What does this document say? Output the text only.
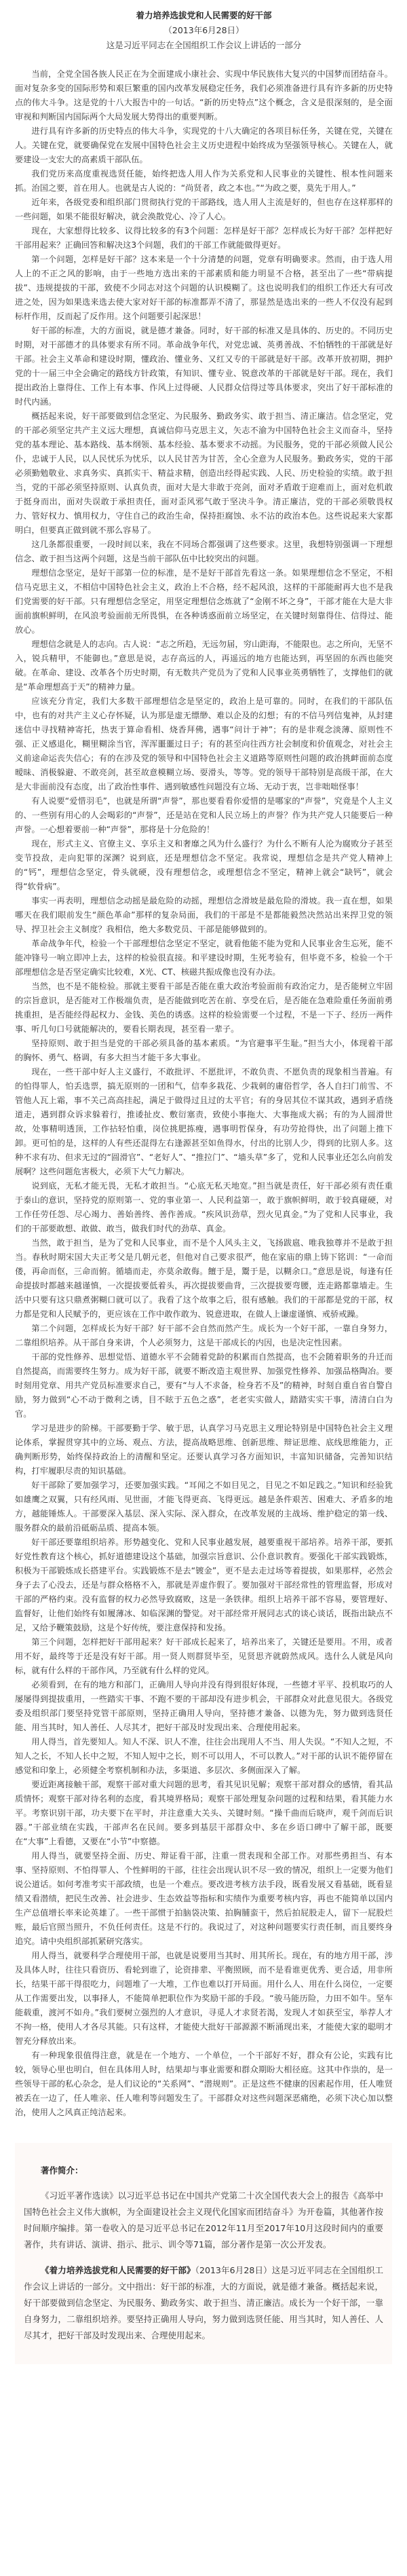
着力培养选拔党和人民需要的好干部
（2013年6月28日）
这是习近平同志在全国组织工作会议上讲话的一部分

当前，全党全国各族人民正在为全面建成小康社会、实现中华民族伟大复兴的中国梦而团结奋斗。面对复杂多变的国际形势和艰巨繁重的国内改革发展稳定任务，我们必须准备进行具有许多新的历史特点的伟大斗争。这是党的十八大报告中的一句话。“新的历史特点”这个概念，含义是很深刻的，是全面审视和判断国内国际两个大局发展大势得出的重要判断。

进行具有许多新的历史特点的伟大斗争，实现党的十八大确定的各项目标任务，关键在党，关键在人。关键在党，就要确保党在发展中国特色社会主义历史进程中始终成为坚强领导核心。关键在人，就要建设一支宏大的高素质干部队伍。

我们党历来高度重视选贤任能，始终把选人用人作为关系党和人民事业的关键性、根本性问题来抓。治国之要，首在用人。也就是古人说的：“尚贤者，政之本也。”“为政之要，莫先于用人。”

近年来，各级党委和组织部门贯彻执行党的干部路线，选人用人主流是好的，但也存在这样那样的一些问题，如果不能很好解决，就会涣散党心、冷了人心。

现在，大家想得比较多、议得比较多的有3个问题：怎样是好干部？怎样成长为好干部？怎样把好干部用起来？正确回答和解决这3个问题，我们的干部工作就能做得更好。

第一个问题，怎样是好干部？这本来是一个十分清楚的问题，党章有明确要求。然而，由于选人用人上的不正之风的影响，由于一些地方选出来的干部素质和能力明显不合格，甚至出了一些“带病提拔”、违规提拔的干部，致使不少同志对这个问题的认识模糊了。这也说明我们的组织工作还大有可改进之处，因为如果选来选去使大家对好干部的标准都弄不清了，那显然是选出来的一些人不仅没有起到标杆作用，反而起了反作用。这个问题要引起深思！

好干部的标准，大的方面说，就是德才兼备。同时，好干部的标准又是具体的、历史的。不同历史时期，对干部德才的具体要求有所不同。革命战争年代，对党忠诚、英勇善战、不怕牺牲的干部就是好干部。社会主义革命和建设时期，懂政治、懂业务、又红又专的干部就是好干部。改革开放初期，拥护党的十一届三中全会确定的路线方针政策，有知识、懂专业、锐意改革的干部就是好干部。现在，我们提出政治上靠得住、工作上有本事、作风上过得硬、人民群众信得过等具体要求，突出了好干部标准的时代内涵。

概括起来说，好干部要做到信念坚定、为民服务、勤政务实、敢于担当、清正廉洁。信念坚定，党的干部必须坚定共产主义远大理想，真诚信仰马克思主义，矢志不渝为中国特色社会主义而奋斗，坚持党的基本理论、基本路线、基本纲领、基本经验、基本要求不动摇。为民服务，党的干部必须做人民公仆，忠诚于人民，以人民忧乐为忧乐，以人民甘苦为甘苦，全心全意为人民服务。勤政务实，党的干部必须勤勉敬业、求真务实、真抓实干、精益求精，创造出经得起实践、人民、历史检验的实绩。敢于担当，党的干部必须坚持原则、认真负责，面对大是大非敢于亮剑，面对矛盾敢于迎难而上，面对危机敢于挺身而出，面对失误敢于承担责任，面对歪风邪气敢于坚决斗争。清正廉洁，党的干部必须敬畏权力、管好权力、慎用权力，守住自己的政治生命，保持拒腐蚀、永不沾的政治本色。这些说起来大家都明白，但要真正做到就不那么容易了。

这几条都很重要，一段时间以来，我在不同场合都强调了这些要求。这里，我想特别强调一下理想信念、敢于担当这两个问题，这是当前干部队伍中比较突出的问题。

理想信念坚定，是好干部第一位的标准，是不是好干部首先看这一条。如果理想信念不坚定，不相信马克思主义，不相信中国特色社会主义，政治上不合格，经不起风浪，这样的干部能耐再大也不是我们党需要的好干部。只有理想信念坚定，用坚定理想信念炼就了“金刚不坏之身”，干部才能在大是大非面前旗帜鲜明，在风浪考验面前无所畏惧，在各种诱惑面前立场坚定，在关键时刻靠得住、信得过、能放心。

理想信念就是人的志向。古人说：“志之所趋，无远勿届，穷山距海，不能限也。志之所向，无坚不入，锐兵精甲，不能御也。”意思是说，志存高远的人，再遥远的地方也能达到，再坚固的东西也能突破。在革命、建设、改革各个历史时期，有无数共产党员为了党和人民事业英勇牺牲了，支撑他们的就是“革命理想高于天”的精神力量。

应该充分肯定，我们大多数干部理想信念是坚定的，政治上是可靠的。同时，在我们的干部队伍中，也有的对共产主义心存怀疑，认为那是虚无缥缈、难以企及的幻想；有的不信马列信鬼神，从封建迷信中寻找精神寄托，热衷于算命看相、烧香拜佛，遇事“问计于神”；有的是非观念淡薄、原则性不强、正义感退化，糊里糊涂当官，浑浑噩噩过日子；有的甚至向往西方社会制度和价值观念，对社会主义前途命运丧失信心；有的在涉及党的领导和中国特色社会主义道路等原则性问题的政治挑衅面前态度暧昧、消极躲避、不敢亮剑，甚至故意模糊立场、耍滑头，等等。党的领导干部特别是高级干部，在大是大非面前没有态度，出了政治性事件、遇到敏感性问题没有立场、无动于衷，岂非咄咄怪事！

有人说要“爱惜羽毛”，也就是所谓“声誉”，那也要看看你爱惜的是哪家的“声誉”，究竟是个人主义的、一些别有用心的人会喝彩的“声誉”，还是站在党和人民立场上的声誉？作为共产党人只能要后一种声誉。一心想着要前一种“声誉”，那将是十分危险的！

现在，形式主义、官僚主义、享乐主义和奢靡之风为什么盛行？为什么不断有人沦为腐败分子甚至变节投敌，走向犯罪的深渊？说到底，还是理想信念不坚定。我常说，理想信念是共产党人精神上的“钙”，理想信念坚定，骨头就硬，没有理想信念，或理想信念不坚定，精神上就会“缺钙”，就会得“软骨病”。

事实一再表明，理想信念动摇是最危险的动摇，理想信念滑坡是最危险的滑坡。我一直在想，如果哪天在我们眼前发生“颜色革命”那样的复杂局面，我们的干部是不是都能毅然决然站出来捍卫党的领导、捍卫社会主义制度？我相信，绝大多数党员、干部是能够做到的。

革命战争年代，检验一个干部理想信念坚定不坚定，就看他能不能为党和人民事业舍生忘死，能不能冲锋号一响立即冲上去，这样的检验很直接。和平建设时期，生死考验有，但毕竟不多，检验一个干部理想信念是否坚定确实比较难，X光、CT、核磁共振成像也没有办法。

当然，也不是不能检验。那就主要看干部是否能在重大政治考验面前有政治定力，是否能树立牢固的宗旨意识，是否能对工作极端负责，是否能做到吃苦在前、享受在后，是否能在急难险重任务面前勇挑重担，是否能经得起权力、金钱、美色的诱惑。这样的检验需要一个过程，不是一下子、经历一两件事、听几句口号就能解决的，要看长期表现，甚至看一辈子。

坚持原则、敢于担当是党的干部必须具备的基本素质。“为官避事平生耻。”担当大小，体现着干部的胸怀、勇气、格调，有多大担当才能干多大事业。

现在，一些干部中好人主义盛行，不敢批评、不愿批评，不敢负责、不愿负责的现象相当普遍。有的怕得罪人，怕丢选票，搞无原则的一团和气，信奉多栽花、少栽刺的庸俗哲学，各人自扫门前雪、不管他人瓦上霜，事不关己高高挂起，满足于做得过且过的太平官；有的身居其位不谋其政，遇到矛盾绕道走，遇到群众诉求躲着行，推诿扯皮、敷衍塞责，致使小事拖大、大事拖成大祸；有的为人圆滑世故，处事精明透顶，工作拈轻怕重，岗位挑肥拣瘦，遇事明哲保身，有功劳抢得快，出了问题上推下卸。更可怕的是，这样的人有些还混得左右逢源甚至如鱼得水，付出的比别人少，得到的比别人多。这种不求有功、但求无过的“圆滑官”、“老好人”、“推拉门”、“墙头草”多了，党和人民事业还怎么向前发展啊？这些问题危害极大，必须下大气力解决。

说到底，无私才能无畏，无私才敢担当。“心底无私天地宽。”担当就是责任，好干部必须有责任重于泰山的意识，坚持党的原则第一、党的事业第一、人民利益第一，敢于旗帜鲜明，敢于较真碰硬，对工作任劳任怨、尽心竭力、善始善终、善作善成。“疾风识劲草，烈火见真金。”为了党和人民事业，我们的干部要敢想、敢做、敢当，做我们时代的劲草、真金。

当然，敢于担当，是为了党和人民事业，而不是个人风头主义，飞扬跋扈、唯我独尊并不是敢于担当。春秋时期宋国大夫正考父是几朝元老，但他对自己要求很严，他在家庙的鼎上铸下铭训：“一命而偻，再命而伛，三命而俯。循墙而走，亦莫余敢侮。饘于是，鬻于是，以糊余口。”意思是说，每逢有任命提拔时都越来越谨慎，一次提拔要低着头，再次提拔要曲背，三次提拔要弯腰，连走路都靠墙走。生活中只要有这只鼎煮粥糊口就可以了。我看了这个故事之后，很有感触。我们的干部都是党的干部，权力都是党和人民赋予的，更应该在工作中敢作敢为、锐意进取，在做人上谦虚谨慎、戒骄戒躁。

第二个问题，怎样成长为好干部？好干部不会自然而然产生。成长为一个好干部，一靠自身努力，二靠组织培养。从干部自身来讲，个人必须努力，这是干部成长的内因，也是决定性因素。

干部的党性修养、思想觉悟、道德水平不会随着党龄的积累而自然提高，也不会随着职务的升迁而自然提高，而需要终生努力。成为好干部，就要不断改造主观世界、加强党性修养、加强品格陶冶。要时刻用党章、用共产党员标准要求自己，要有“与人不求备，检身若不及”的精神，时刻自重自省自警自励，努力做到“心不动于微利之诱，目不眩于五色之惑”，老老实实做人，踏踏实实干事，清清白白为官。

学习是进步的阶梯。干部要勤于学、敏于思，认真学习马克思主义理论特别是中国特色社会主义理论体系，掌握贯穿其中的立场、观点、方法，提高战略思维、创新思维、辩证思维、底线思维能力，正确判断形势，始终保持政治上的清醒和坚定。还要认真学习各方面知识，丰富知识储备，完善知识结构，打牢履职尽责的知识基础。

好干部除了要加强学习，还要加强实践。“耳闻之不如目见之，目见之不如足践之。”知识和经验犹如雄鹰之双翼，只有经风雨、见世面，才能飞得更高、飞得更远。越是条件艰苦、困难大、矛盾多的地方，越能锤炼人。干部要深入基层、深入实际、深入群众，在改革发展的主战场、维护稳定的第一线、服务群众的最前沿砥砺品质、提高本领。

好干部还要靠组织培养。形势越变化、党和人民事业越发展，越要重视干部培养。培养干部，要抓好党性教育这个核心，抓好道德建设这个基础，加强宗旨意识、公仆意识教育。要强化干部实践锻炼，积极为干部锻炼成长搭建平台。实践锻炼不是去“镀金”，更不是去走过场等着提拔，如果那样，必然会身子去了心没去，还是与群众格格不入，那就是弄虚作假了。要加强对干部经常性的管理监督，形成对干部的严格约束。没有监督的权力必然导致腐败，这是一条铁律。组织上培养干部不容易，要管理好、监督好，让他们始终有如履薄冰、如临深渊的警觉。对干部经常开展同志式的谈心谈话，既指出缺点不足，又给予鞭策鼓励，这是个好传统，要注意保持和发扬。

第三个问题，怎样把好干部用起来？好干部成长起来了，培养出来了，关键还是要用。不用，或者用不好，最终等于还是没有好干部。用一贤人则群贤毕至，见贤思齐就蔚然成风。选什么人就是风向标，就有什么样的干部作风，乃至就有什么样的党风。

必须看到，在有的地方和部门，正确用人导向并没有得到很好体现，一些德才平平、投机取巧的人屡屡得到提拔重用，一些踏实干事、不跑不要的干部却没有进步机会，干部群众对此意见很大。各级党委及组织部门要坚持党管干部原则，坚持正确用人导向，坚持德才兼备、以德为先，努力做到选贤任能、用当其时，知人善任、人尽其才，把好干部及时发现出来、合理使用起来。

用人得当，首先要知人。知人不深、识人不准，往往会出现用人不当、用人失误。“不知人之短，不知人之长，不知人长中之短，不知人短中之长，则不可以用人，不可以教人。”对干部的认识不能停留在感觉和印象上，必须健全考察机制和办法，多渠道、多层次、多侧面深入了解。

要近距离接触干部，观察干部对重大问题的思考，看其见识见解；观察干部对群众的感情，看其品质情怀；观察干部对待名利的态度，看其境界格局；观察干部处理复杂问题的过程和结果，看其能力水平。考察识别干部，功夫要下在平时，并注意重大关头、关键时刻。“操千曲而后晓声，观千剑而后识器。”干部业绩在实践，干部声名在民间。要多到基层干部群众中、多在乡语口碑中了解干部，既要在“大事”上看德，又要在“小节”中察德。

用人得当，就要坚持全面、历史、辩证看干部，注重一贯表现和全部工作。对那些勇担当、有本事、坚持原则、不怕得罪人、个性鲜明的干部，往往会出现认识不尽一致的情况，组织上一定要为他们说公道话。如何考准考实干部政绩，也是一个难点。要改进考核方法手段，既看发展又看基础，既看显绩又看潜绩，把民生改善、社会进步、生态效益等指标和实绩作为重要考核内容，再也不能简单以国内生产总值增长率来论英雄了。一些干部惯于拍脑袋决策、拍胸脯蛮干，然后拍屁股走人，留下一屁股烂账，最后官照当照升，不负任何责任。这是不行的。我说过了，对这种问题要实行责任制，而且要终身追究。请中央组织部抓紧研究落实。

用人得当，就要科学合理使用干部，也就是说要用当其时、用其所长。现在，有的地方用干部，涉及具体人时，往往只看资历、看轮到谁了，论资排辈、平衡照顾，而不是看谁更优秀、更合适，用非所长，结果干部干得很吃力，问题堆了一大堆，工作也难以打开局面。用什么人、用在什么岗位，一定要从工作需要出发，以事择人，不能简单把职位作为奖励干部的手段。“骏马能历险，力田不如牛。坚车能载重，渡河不如舟。”我们要树立强烈的人才意识，寻觅人才求贤若渴，发现人才如获至宝，举荐人才不拘一格，使用人才各尽其能。只有这样，才能使大批好干部源源不断涌现出来，才能使大家的聪明才智充分释放出来。

有一种现象很值得注意，就是在一个地方、一个单位，一个干部好不好，群众有公论，实践有比较，领导心里也明白，但在具体用人时，结果却与事业需要和群众期盼大相径庭。这其中作祟的，是一些领导干部的私心杂念，是人们议论的“关系网”、“潜规则”。正是这些不健康的因素起作用，任人唯贤被丢在一边了，任人唯亲、任人唯利等问题发生了。干部群众对这些问题深恶痛绝，必须下决心加以整治，使用人之风真正纯洁起来。

著作简介：

《习近平著作选读》以习近平总书记在中国共产党第二十次全国代表大会上的报告《高举中国特色社会主义伟大旗帜，为全面建设社会主义现代化国家而团结奋斗》为开卷篇，其他著作按时间顺序编排。第一卷收入的是习近平总书记在2012年11月至2017年10月这段时间内的重要著作，共有讲话、演讲、指示、批示、训令等71篇，部分著作是第一次公开发表。

《着力培养选拔党和人民需要的好干部》（2013年6月28日）这是习近平同志在全国组织工作会议上讲话的一部分。文中指出：好干部的标准，大的方面说，就是德才兼备。概括起来说，好干部要做到信念坚定、为民服务、勤政务实、敢于担当、清正廉洁。成长为一个好干部，一靠自身努力，二靠组织培养。要坚持正确用人导向，努力做到选贤任能、用当其时，知人善任、人尽其才，把好干部及时发现出来、合理使用起来。
